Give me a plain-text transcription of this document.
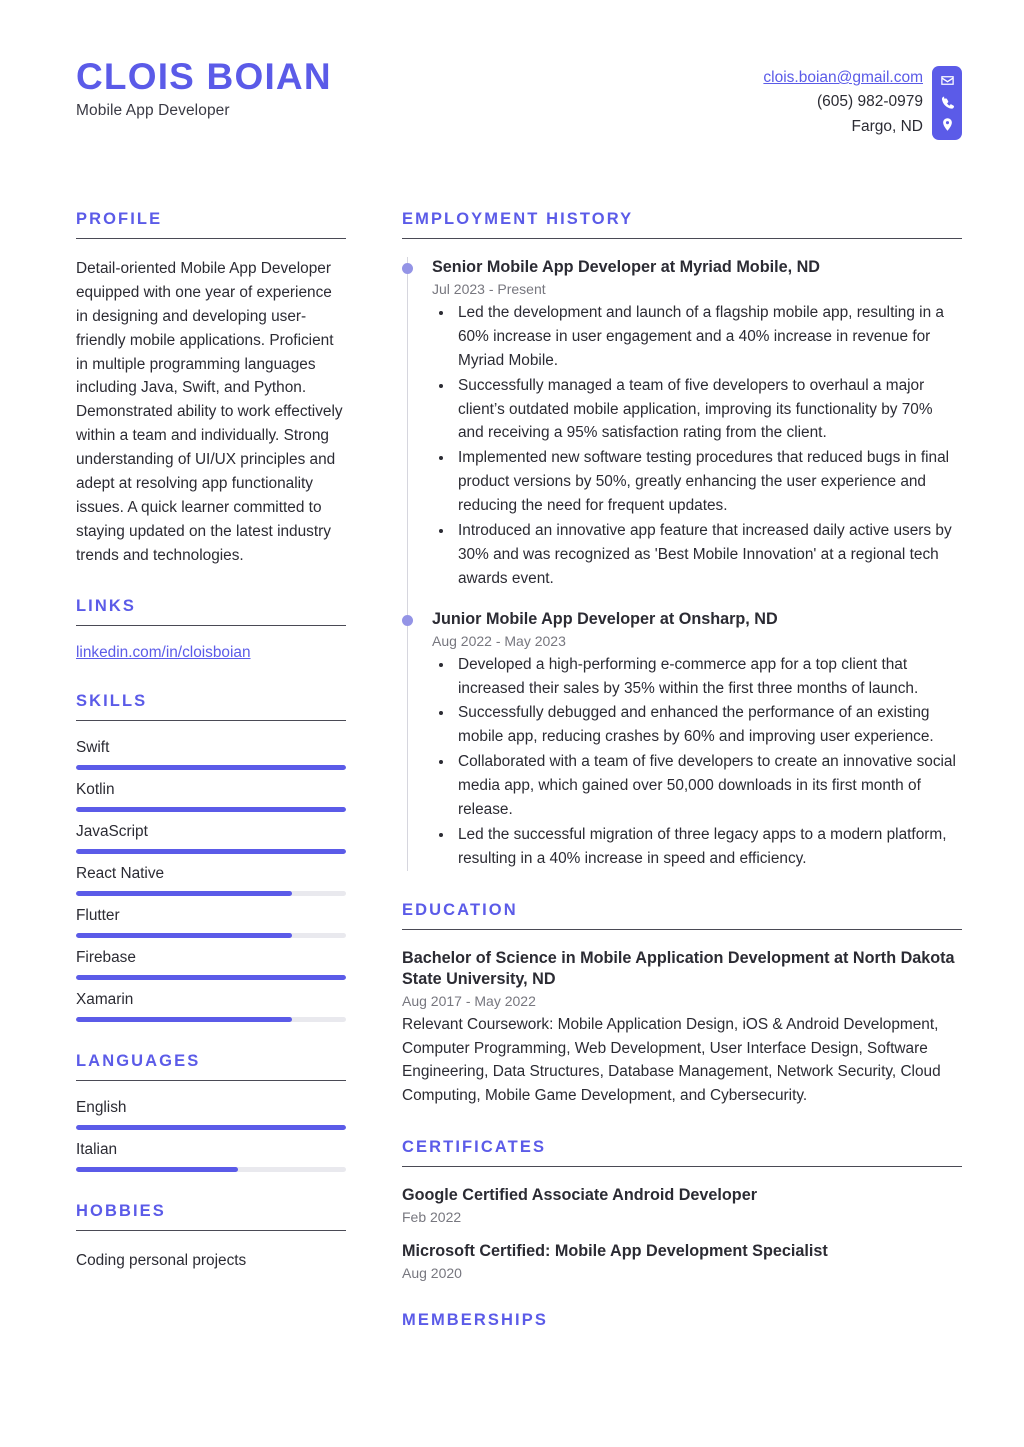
CLOIS BOIAN
Mobile App Developer
clois.boian@gmail.com
(605) 982-0979
Fargo, ND
PROFILE
Detail-oriented Mobile App Developer equipped with one year of experience in designing and developing user-friendly mobile applications. Proficient in multiple programming languages including Java, Swift, and Python. Demonstrated ability to work effectively within a team and individually. Strong understanding of UI/UX principles and adept at resolving app functionality issues. A quick learner committed to staying updated on the latest industry trends and technologies.
LINKS
linkedin.com/in/cloisboian
SKILLS
Swift
Kotlin
JavaScript
React Native
Flutter
Firebase
Xamarin
LANGUAGES
English
Italian
HOBBIES
Coding personal projects
EMPLOYMENT HISTORY
Senior Mobile App Developer at Myriad Mobile, ND
Jul 2023 - Present
• Led the development and launch of a flagship mobile app, resulting in a 60% increase in user engagement and a 40% increase in revenue for Myriad Mobile.
• Successfully managed a team of five developers to overhaul a major client’s outdated mobile application, improving its functionality by 70% and receiving a 95% satisfaction rating from the client.
• Implemented new software testing procedures that reduced bugs in final product versions by 50%, greatly enhancing the user experience and reducing the need for frequent updates.
• Introduced an innovative app feature that increased daily active users by 30% and was recognized as 'Best Mobile Innovation' at a regional tech awards event.
Junior Mobile App Developer at Onsharp, ND
Aug 2022 - May 2023
• Developed a high-performing e-commerce app for a top client that increased their sales by 35% within the first three months of launch.
• Successfully debugged and enhanced the performance of an existing mobile app, reducing crashes by 60% and improving user experience.
• Collaborated with a team of five developers to create an innovative social media app, which gained over 50,000 downloads in its first month of release.
• Led the successful migration of three legacy apps to a modern platform, resulting in a 40% increase in speed and efficiency.
EDUCATION
Bachelor of Science in Mobile Application Development at North Dakota State University, ND
Aug 2017 - May 2022
Relevant Coursework: Mobile Application Design, iOS & Android Development, Computer Programming, Web Development, User Interface Design, Software Engineering, Data Structures, Database Management, Network Security, Cloud Computing, Mobile Game Development, and Cybersecurity.
CERTIFICATES
Google Certified Associate Android Developer
Feb 2022
Microsoft Certified: Mobile App Development Specialist
Aug 2020
MEMBERSHIPS
